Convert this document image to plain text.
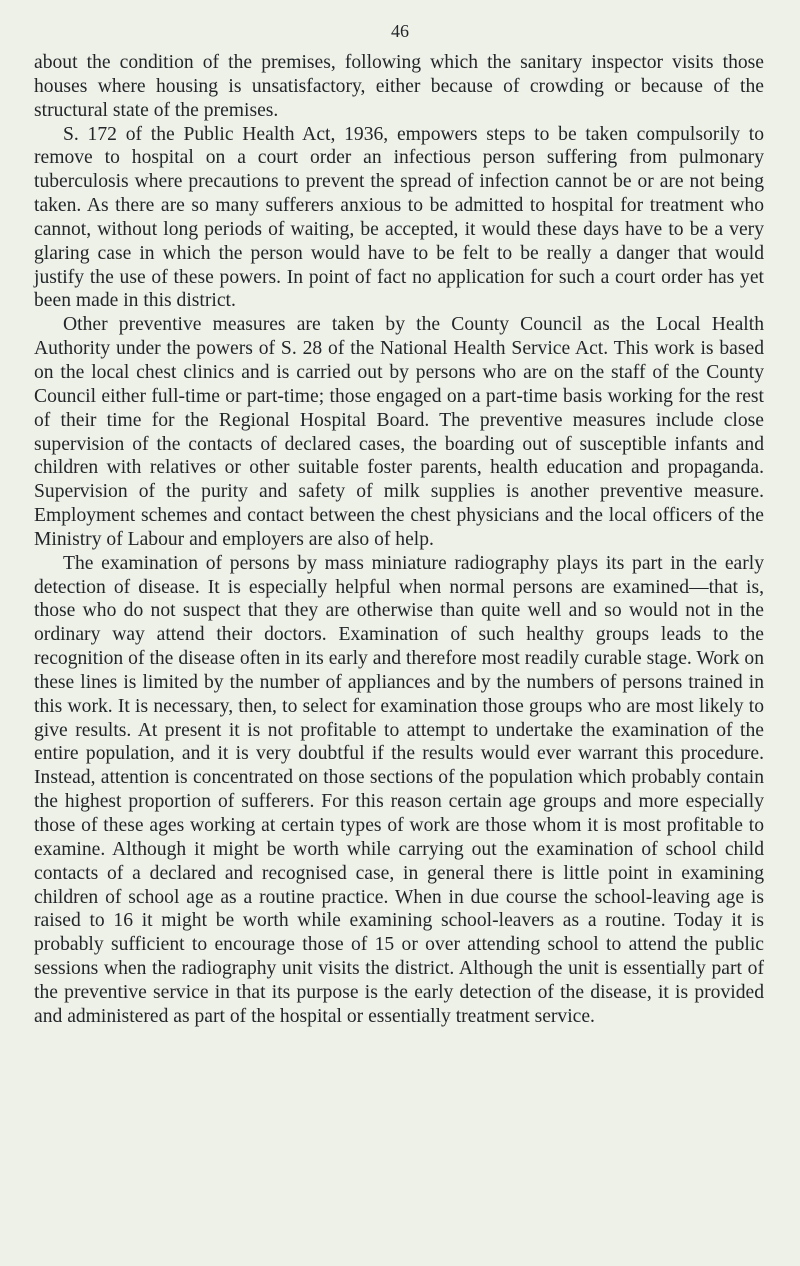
46

about the condition of the premises, following which the sanitary inspector visits those houses where housing is unsatisfactory, either because of crowding or because of the structural state of the premises.

S. 172 of the Public Health Act, 1936, empowers steps to be taken compulsorily to remove to hospital on a court order an infectious person suffering from pulmonary tuberculosis where precautions to prevent the spread of infection cannot be or are not being taken. As there are so many sufferers anxious to be admitted to hospital for treatment who cannot, without long periods of waiting, be accepted, it would these days have to be a very glaring case in which the person would have to be felt to be really a danger that would justify the use of these powers. In point of fact no application for such a court order has yet been made in this district.

Other preventive measures are taken by the County Council as the Local Health Authority under the powers of S. 28 of the National Health Service Act. This work is based on the local chest clinics and is carried out by persons who are on the staff of the County Council either full-time or part-time; those engaged on a part-time basis working for the rest of their time for the Regional Hospital Board. The preventive measures include close supervision of the contacts of declared cases, the boarding out of susceptible infants and children with relatives or other suitable foster parents, health education and propaganda. Supervision of the purity and safety of milk supplies is another preventive measure. Employment schemes and contact between the chest physicians and the local officers of the Ministry of Labour and employers are also of help.

The examination of persons by mass miniature radiography plays its part in the early detection of disease. It is especially helpful when normal persons are examined—that is, those who do not suspect that they are otherwise than quite well and so would not in the ordinary way attend their doctors. Examination of such healthy groups leads to the recognition of the disease often in its early and therefore most readily curable stage. Work on these lines is limited by the number of appliances and by the numbers of persons trained in this work. It is necessary, then, to select for examination those groups who are most likely to give results. At present it is not profitable to attempt to undertake the examination of the entire population, and it is very doubtful if the results would ever warrant this procedure. Instead, attention is concentrated on those sections of the population which probably contain the highest proportion of sufferers. For this reason certain age groups and more especially those of these ages working at certain types of work are those whom it is most profitable to examine. Although it might be worth while carrying out the examination of school child contacts of a declared and recognised case, in general there is little point in examining children of school age as a routine practice. When in due course the school-leaving age is raised to 16 it might be worth while examining school-leavers as a routine. Today it is probably sufficient to encourage those of 15 or over attending school to attend the public sessions when the radiography unit visits the district. Although the unit is essentially part of the preventive service in that its purpose is the early detection of the disease, it is provided and administered as part of the hospital or essentially treatment service.
